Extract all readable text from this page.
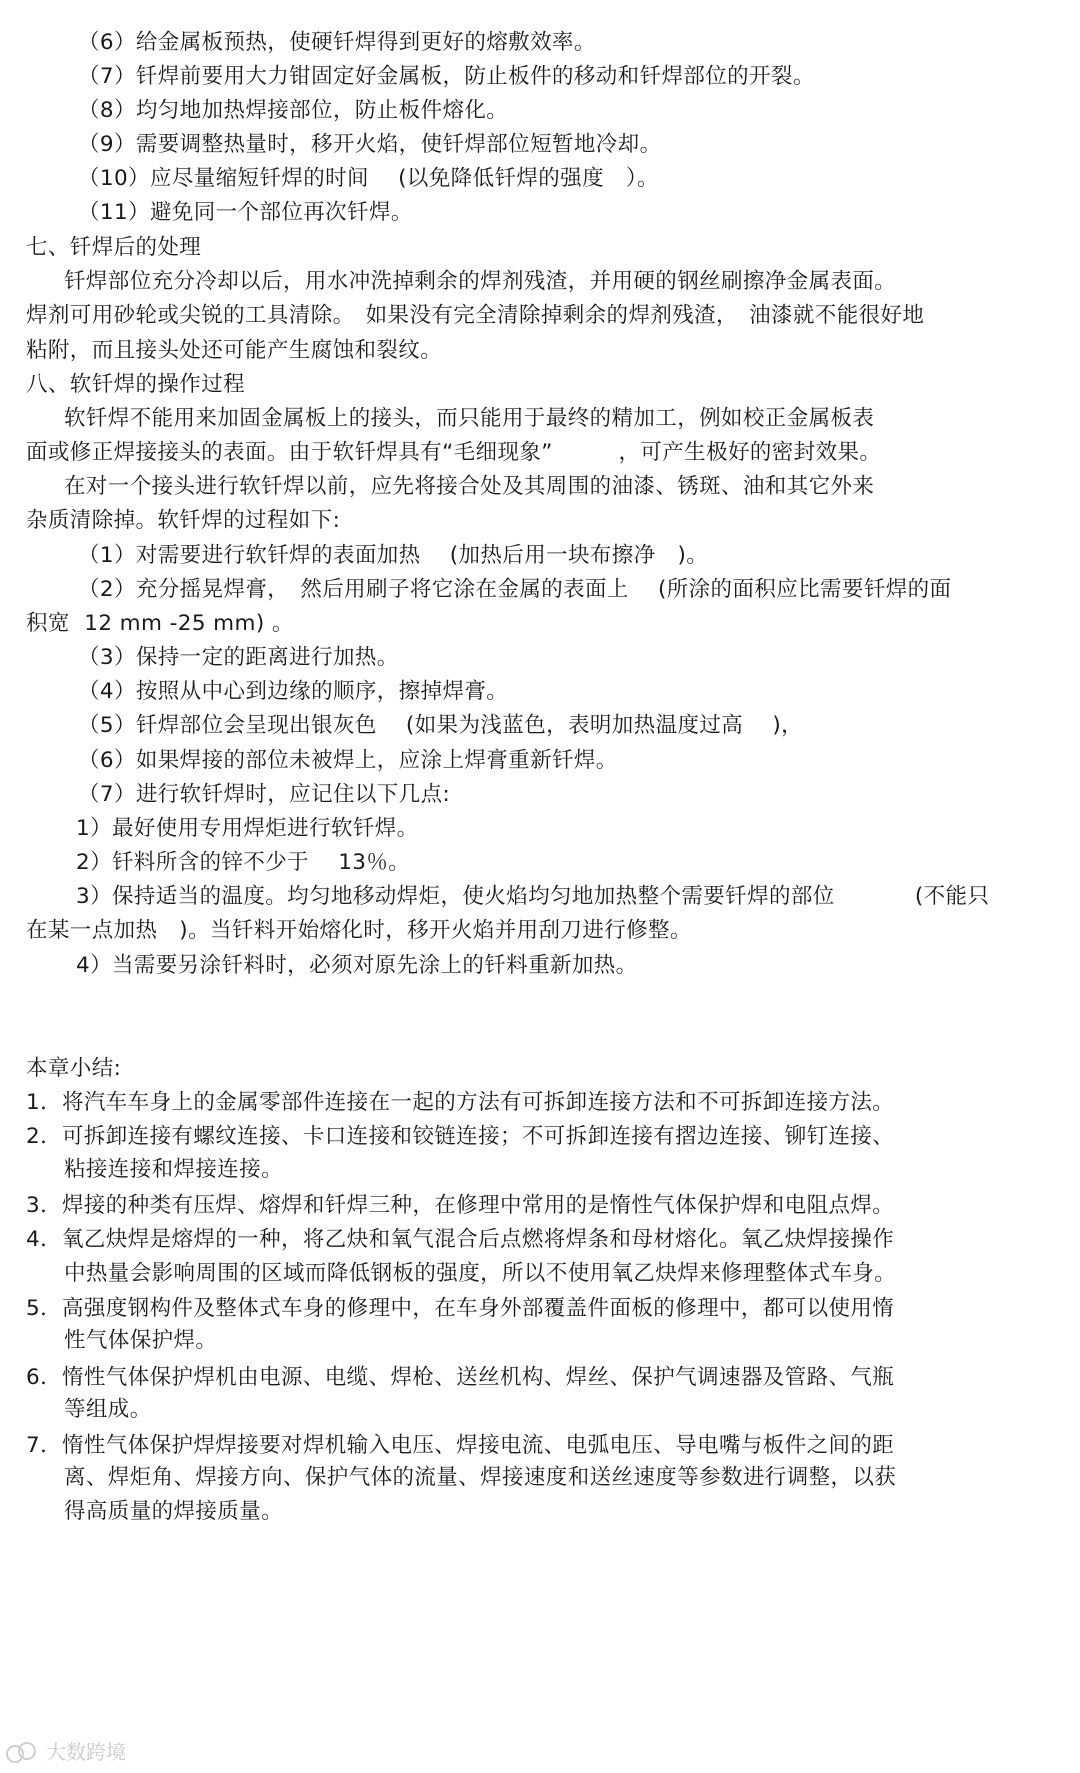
（6）给金属板预热，使硬钎焊得到更好的熔敷效率。
（7）钎焊前要用大力钳固定好金属板，防止板件的移动和钎焊部位的开裂。
（8）均匀地加热焊接部位，防止板件熔化。
（9）需要调整热量时，移开火焰，使钎焊部位短暂地冷却。
（10）应尽量缩短钎焊的时间　 (以免降低钎焊的强度　）。
（11）避免同一个部位再次钎焊。
七、钎焊后的处理
钎焊部位充分冷却以后，用水冲洗掉剩余的焊剂残渣，并用硬的钢丝刷擦净金属表面。
焊剂可用砂轮或尖锐的工具清除。　如果没有完全清除掉剩余的焊剂残渣，　油漆就不能很好地
粘附，而且接头处还可能产生腐蚀和裂纹。
八、软钎焊的操作过程
软钎焊不能用来加固金属板上的接头，而只能用于最终的精加工，例如校正金属板表
面或修正焊接接头的表面。由于软钎焊具有“毛细现象”　　　，可产生极好的密封效果。
在对一个接头进行软钎焊以前，应先将接合处及其周围的油漆、锈斑、油和其它外来
杂质清除掉。软钎焊的过程如下:
（1）对需要进行软钎焊的表面加热　 (加热后用一块布擦净　)。
（2）充分摇晃焊膏，　然后用刷子将它涂在金属的表面上　 (所涂的面积应比需要钎焊的面
积宽  12 mm -25 mm) 。
（3）保持一定的距离进行加热。
（4）按照从中心到边缘的顺序，擦掉焊膏。
（5）钎焊部位会呈现出银灰色　 (如果为浅蓝色，表明加热温度过高　 )，
（6）如果焊接的部位未被焊上，应涂上焊膏重新钎焊。
（7）进行软钎焊时，应记住以下几点:
1）最好使用专用焊炬进行软钎焊。
2）钎料所含的锌不少于　 13％。
3）保持适当的温度。均匀地移动焊炬，使火焰均匀地加热整个需要钎焊的部位　　　  (不能只
在某一点加热　)。当钎料开始熔化时，移开火焰并用刮刀进行修整。
4）当需要另涂钎料时，必须对原先涂上的钎料重新加热。
本章小结:
1．将汽车车身上的金属零部件连接在一起的方法有可拆卸连接方法和不可拆卸连接方法。
2．可拆卸连接有螺纹连接、卡口连接和铰链连接；不可拆卸连接有摺边连接、铆钉连接、
粘接连接和焊接连接。
3．焊接的种类有压焊、熔焊和钎焊三种，在修理中常用的是惰性气体保护焊和电阻点焊。
4．氧乙炔焊是熔焊的一种，将乙炔和氧气混合后点燃将焊条和母材熔化。氧乙炔焊接操作
中热量会影响周围的区域而降低钢板的强度，所以不使用氧乙炔焊来修理整体式车身。
5．高强度钢构件及整体式车身的修理中，在车身外部覆盖件面板的修理中，都可以使用惰
性气体保护焊。
6．惰性气体保护焊机由电源、电缆、焊枪、送丝机构、焊丝、保护气调速器及管路、气瓶
等组成。
7．惰性气体保护焊焊接要对焊机输入电压、焊接电流、电弧电压、导电嘴与板件之间的距
离、焊炬角、焊接方向、保护气体的流量、焊接速度和送丝速度等参数进行调整，以获
得高质量的焊接质量。
大数跨境
